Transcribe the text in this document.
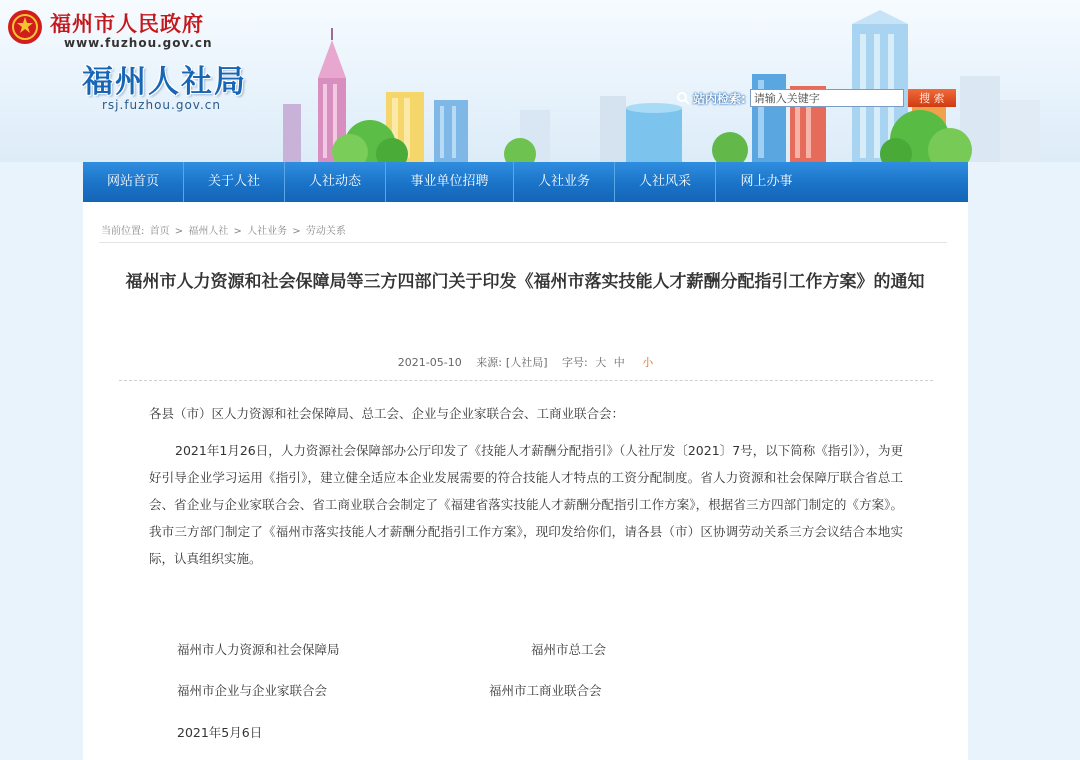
福州市人民政府
www.fuzhou.gov.cn
福州人社局
rsj.fuzhou.gov.cn	站内检索:
请输入关键字	搜 索
网站首页	关于人社	人社动态	事业单位招聘	人社业务	人社风采	网上办事
当前位置: 首页 > 福州人社 > 人社业务 > 劳动关系
福州市人力资源和社会保障局等三方四部门关于印发《福州市落实技能人才薪酬分配指引工作方案》的通知
2021-05-10 来源: [人社局] 字号: 大 中 小

各县（市）区人力资源和社会保障局、总工会、企业与企业家联合会、工商业联合会：

2021年1月26日，人力资源社会保障部办公厅印发了《技能人才薪酬分配指引》（人社厅发〔2021〕7号，以下简称《指引》），为更好引导企业学习运用《指引》，建立健全适应本企业发展需要的符合技能人才特点的工资分配制度。省人力资源和社会保障厅联合省总工会、省企业与企业家联合会、省工商业联合会制定了《福建省落实技能人才薪酬分配指引工作方案》，根据省三方四部门制定的《方案》。我市三方部门制定了《福州市落实技能人才薪酬分配指引工作方案》，现印发给你们，请各县（市）区协调劳动关系三方会议结合本地实际，认真组织实施。

福州市人力资源和社会保障局	福州市总工会
福州市企业与企业家联合会	福州市工商业联合会
2021年5月6日
